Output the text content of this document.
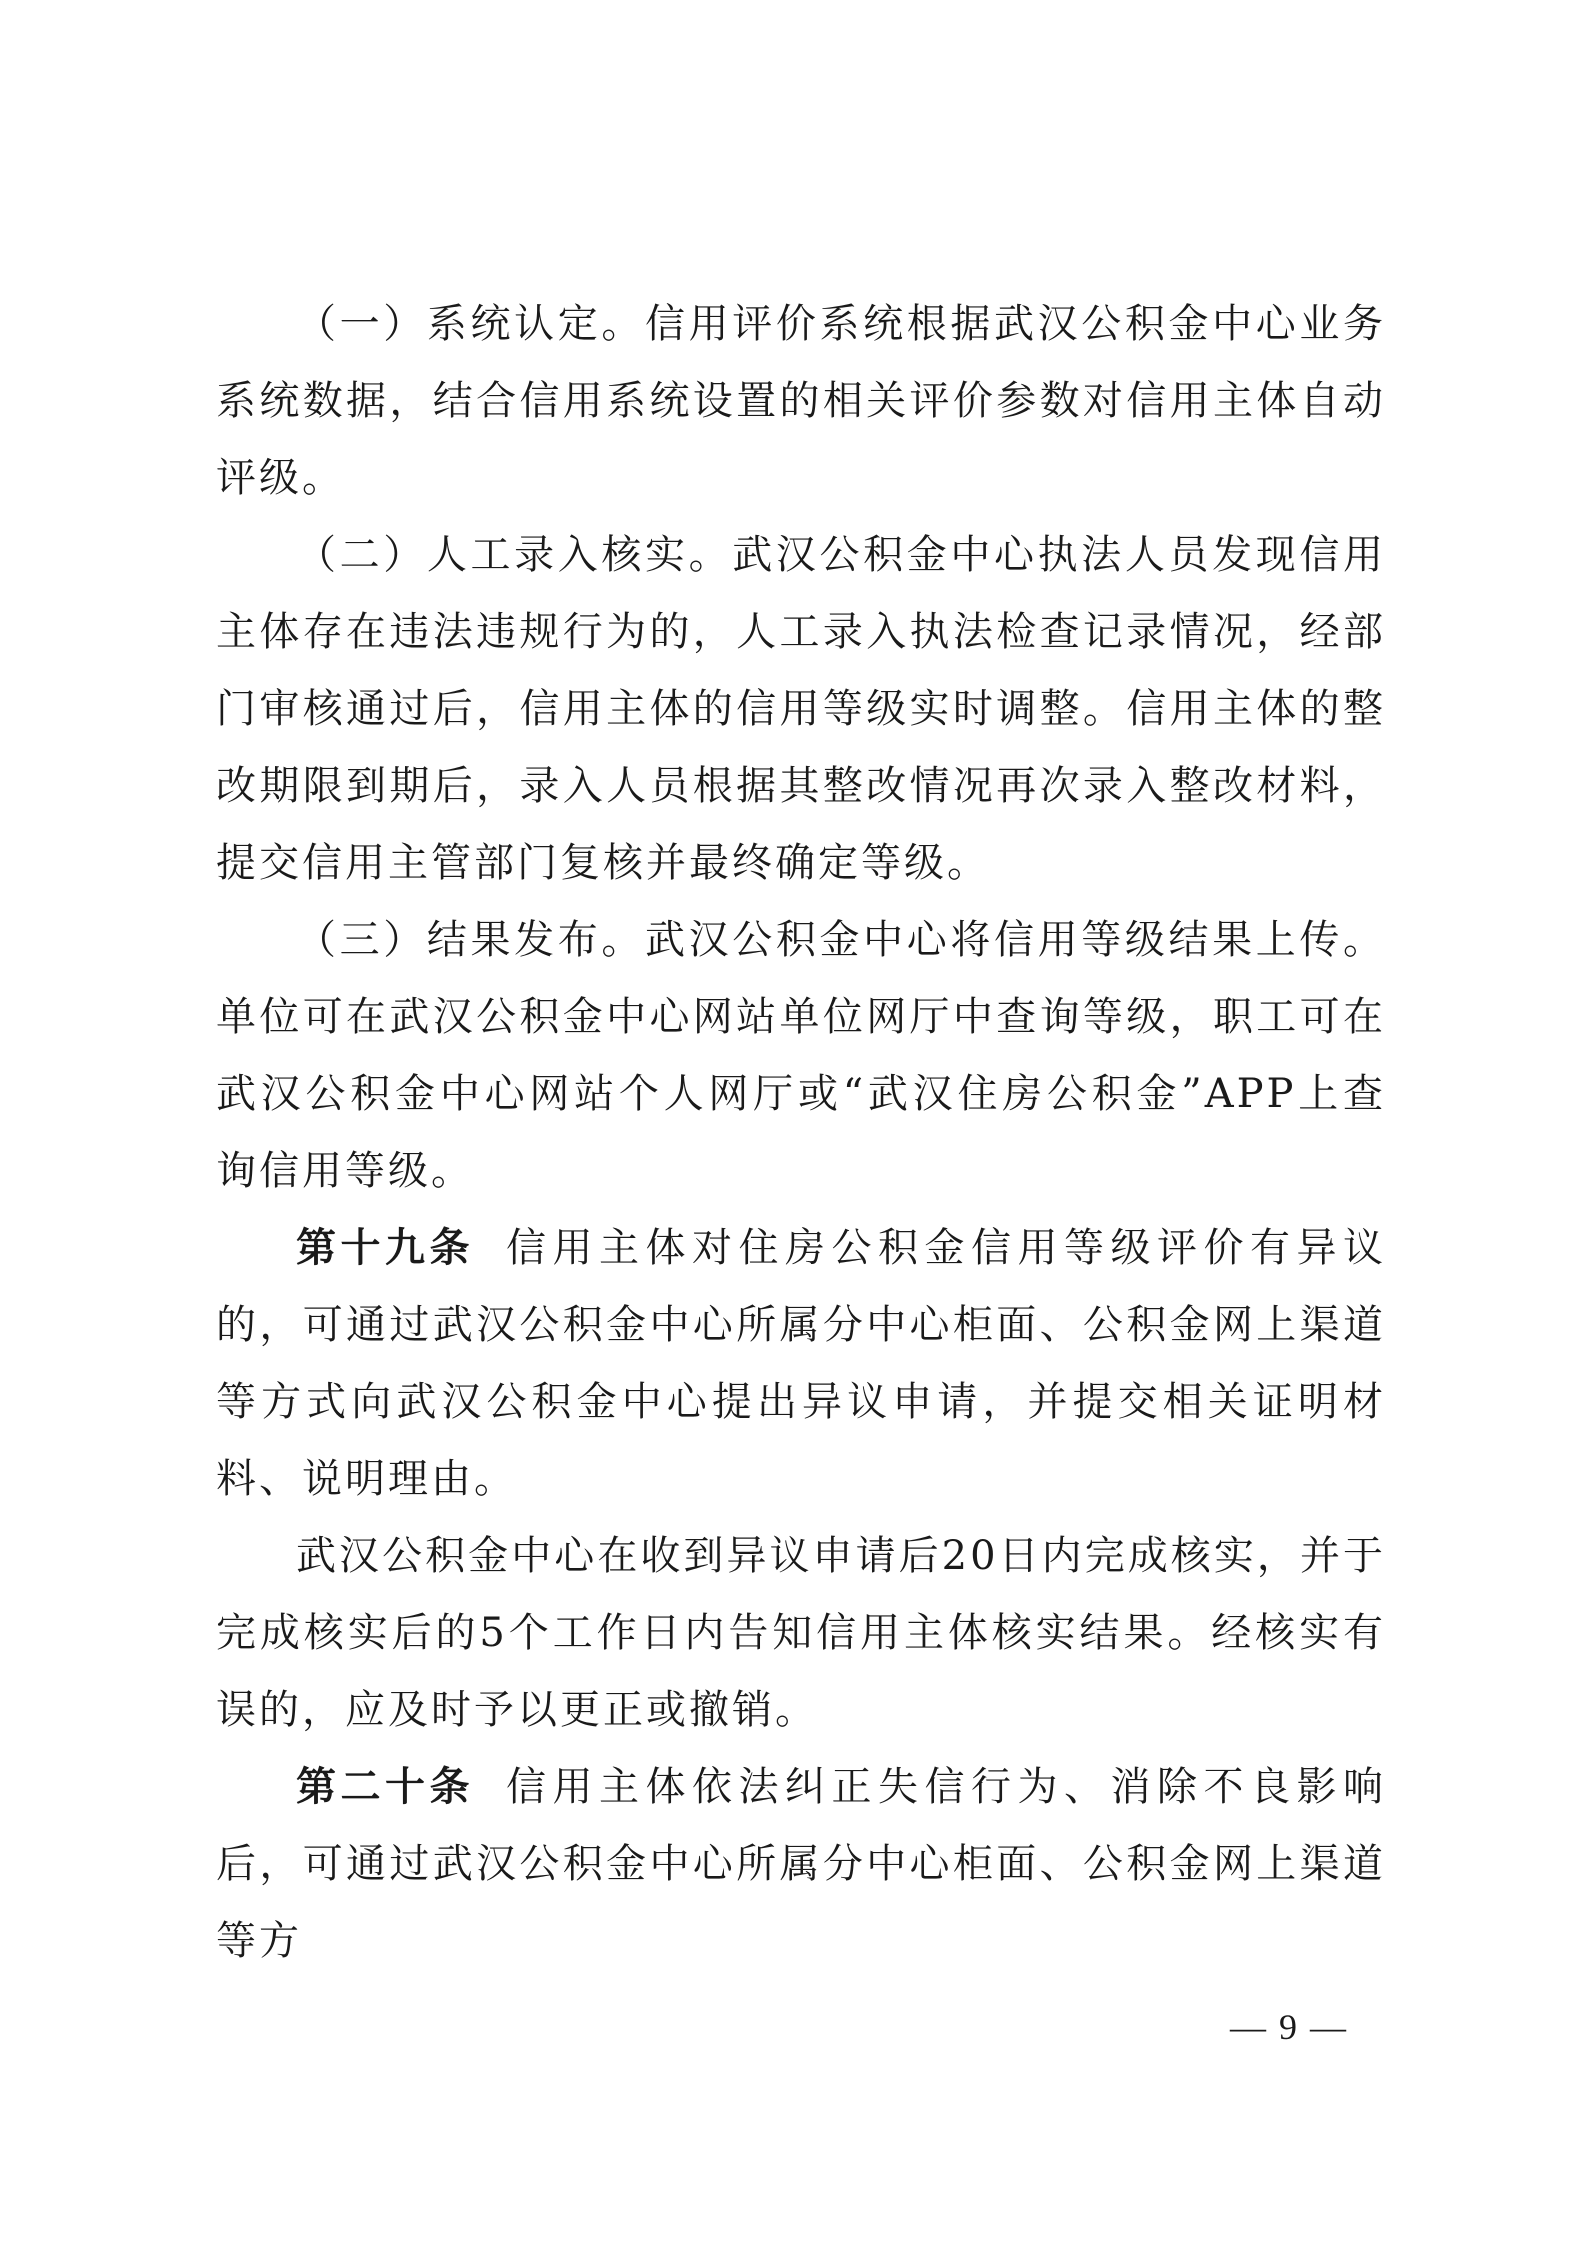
（一）系统认定。信用评价系统根据武汉公积金中心业务系统数据，结合信用系统设置的相关评价参数对信用主体自动评级。

（二）人工录入核实。武汉公积金中心执法人员发现信用主体存在违法违规行为的，人工录入执法检查记录情况，经部门审核通过后，信用主体的信用等级实时调整。信用主体的整改期限到期后，录入人员根据其整改情况再次录入整改材料，提交信用主管部门复核并最终确定等级。

（三）结果发布。武汉公积金中心将信用等级结果上传。单位可在武汉公积金中心网站单位网厅中查询等级，职工可在武汉公积金中心网站个人网厅或“武汉住房公积金”APP上查询信用等级。

第十九条 信用主体对住房公积金信用等级评价有异议的，可通过武汉公积金中心所属分中心柜面、公积金网上渠道等方式向武汉公积金中心提出异议申请，并提交相关证明材料、说明理由。

武汉公积金中心在收到异议申请后20日内完成核实，并于完成核实后的5个工作日内告知信用主体核实结果。经核实有误的，应及时予以更正或撤销。

第二十条 信用主体依法纠正失信行为、消除不良影响后，可通过武汉公积金中心所属分中心柜面、公积金网上渠道等方

— 9 —
